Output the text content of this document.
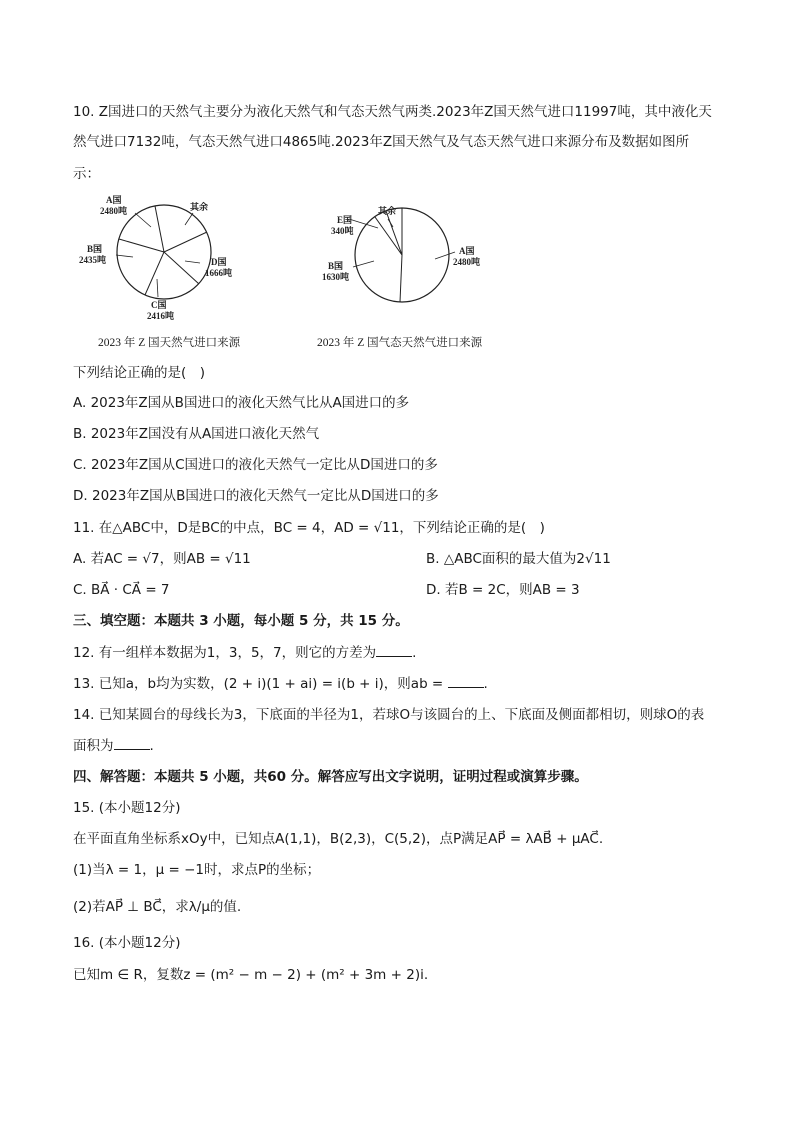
10. Z国进口的天然气主要分为液化天然气和气态天然气两类.2023年Z国天然气进口11997吨，其中液化天
然气进口7132吨，气态天然气进口4865吨.2023年Z国天然气及气态天然气进口来源分布及数据如图所
示：
A国
2480吨
B国
2435吨
C国
2416吨
D国
1666吨
其余
2023 年 Z 国天然气进口来源
E国
340吨
其余
B国
1630吨
A国
2480吨
2023 年 Z 国气态天然气进口来源
下列结论正确的是(　)
A. 2023年Z国从B国进口的液化天然气比从A国进口的多
B. 2023年Z国没有从A国进口液化天然气
C. 2023年Z国从C国进口的液化天然气一定比从D国进口的多
D. 2023年Z国从B国进口的液化天然气一定比从D国进口的多
11. 在△ABC中，D是BC的中点，BC = 4，AD = √11，下列结论正确的是(　)
A. 若AC = √7，则AB = √11	B. △ABC面积的最大值为2√11
C. BA⃗ · CA⃗ = 7	D. 若B = 2C，则AB = 3
三、填空题：本题共 3 小题，每小题 5 分，共 15 分。
12. 有一组样本数据为1，3，5，7，则它的方差为	.
13. 已知a，b均为实数，(2 + i)(1 + ai) = i(b + i)，则ab =	.
14. 已知某圆台的母线长为3，下底面的半径为1，若球O与该圆台的上、下底面及侧面都相切，则球O的表
面积为	.
四、解答题：本题共 5 小题，共60 分。解答应写出文字说明，证明过程或演算步骤。
15. (本小题12分)
在平面直角坐标系xOy中，已知点A(1,1)，B(2,3)，C(5,2)，点P满足AP⃗ = λAB⃗ + μAC⃗.
(1)当λ = 1，μ = −1时，求点P的坐标；
(2)若AP⃗ ⊥ BC⃗，求λ/μ的值.
16. (本小题12分)
已知m ∈ R，复数z = (m² − m − 2) + (m² + 3m + 2)i.
